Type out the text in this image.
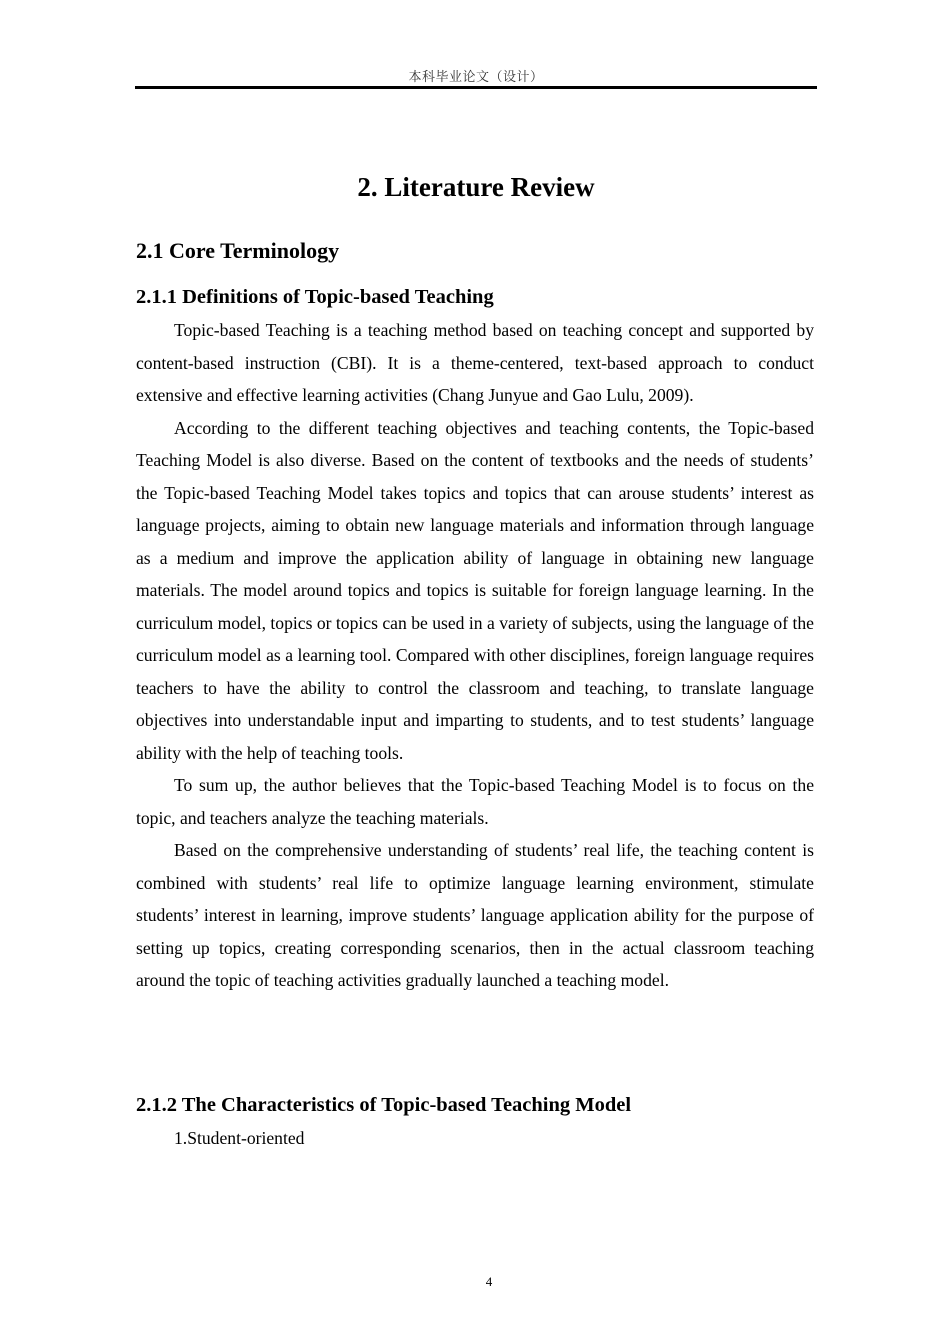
本科毕业论文（设计）
2. Literature Review
2.1 Core Terminology
2.1.1 Definitions of Topic-based Teaching

Topic-based Teaching is a teaching method based on teaching concept and supported by content-based instruction (CBI). It is a theme-centered, text-based approach to conduct extensive and effective learning activities (Chang Junyue and Gao Lulu, 2009).

According to the different teaching objectives and teaching contents, the Topic-based Teaching Model is also diverse. Based on the content of textbooks and the needs of students’ the Topic-based Teaching Model takes topics and topics that can arouse students’ interest as language projects, aiming to obtain new language materials and information through language as a medium and improve the application ability of language in obtaining new language materials. The model around topics and topics is suitable for foreign language learning. In the curriculum model, topics or topics can be used in a variety of subjects, using the language of the curriculum model as a learning tool. Compared with other disciplines, foreign language requires teachers to have the ability to control the classroom and teaching, to translate language objectives into understandable input and imparting to students, and to test students’ language ability with the help of teaching tools.

To sum up, the author believes that the Topic-based Teaching Model is to focus on the topic, and teachers analyze the teaching materials.

Based on the comprehensive understanding of students’ real life, the teaching content is combined with students’ real life to optimize language learning environment, stimulate students’ interest in learning, improve students’ language application ability for the purpose of setting up topics, creating corresponding scenarios, then in the actual classroom teaching around the topic of teaching activities gradually launched a teaching model.

2.1.2 The Characteristics of Topic-based Teaching Model
1.Student-oriented
4
